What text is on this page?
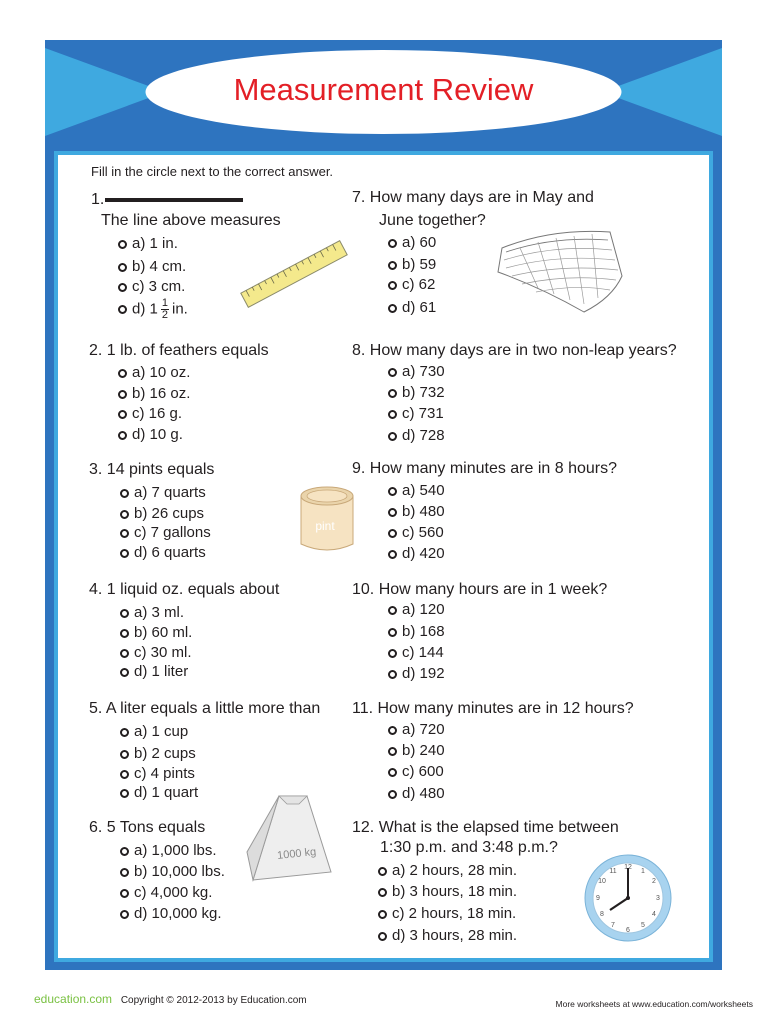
Measurement Review
Fill in the circle next to the correct answer.
1.
The line above measures
a) 1 in.
b) 4 cm.
c) 3 cm.
d) $1 \frac{1}{2}$ in.
2. 1 lb. of feathers equals
a) 10 oz.
b) 16 oz.
c) 16 g.
d) 10 g.
3. 14 pints equals
a) 7 quarts
b) 26 cups
c) 7 gallons
d) 6 quarts
pint
4. 1 liquid oz. equals about
a) 3 ml.
b) 60 ml.
c) 30 ml.
d) 1 liter
5. A liter equals a little more than
a) 1 cup
b) 2 cups
c) 4 pints
d) 1 quart
6. 5 Tons equals
a) 1,000 lbs.
b) 10,000 lbs.
c) 4,000 kg.
d) 10,000 kg.
1000 kg
7. How many days are in May and
June together?
a) 60
b) 59
c) 62
d) 61
8. How many days are in two non-leap years?
a) 730
b) 732
c) 731
d) 728
9. How many minutes are in 8 hours?
a) 540
b) 480
c) 560
d) 420
10. How many hours are in 1 week?
a) 120
b) 168
c) 144
d) 192
11. How many minutes are in 12 hours?
a) 720
b) 240
c) 600
d) 480
12. What is the elapsed time between
1:30 p.m. and 3:48 p.m.?
a) 2 hours, 28 min.
b) 3 hours, 18 min.
c) 2 hours, 18 min.
d) 3 hours, 28 min.
12
1
2
3
4
5
6
7
8
9
10
11
education.com Copyright © 2012-2013 by Education.com	More worksheets at www.education.com/worksheets
